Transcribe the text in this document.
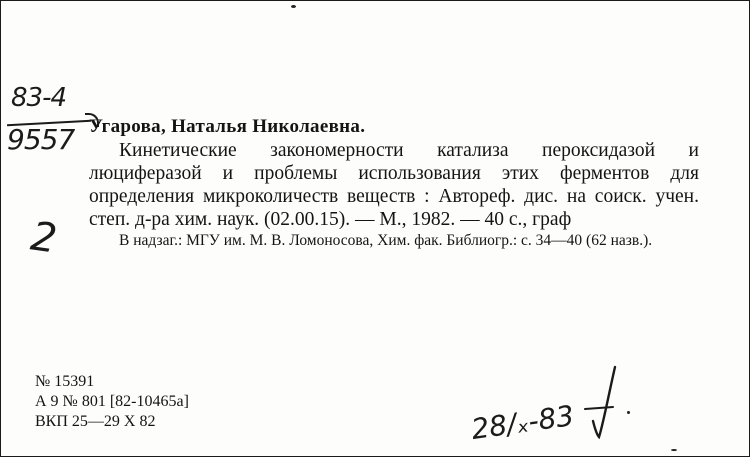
83-4
9557
2
Угарова, Наталья Николаевна.
Кинетические закономерности катализа пероксидазой и люциферазой и проблемы использования этих ферментов для определения микроколичеств веществ : Автореф. дис. на соиск. учен. степ. д-ра хим. наук. (02.00.15). — М., 1982. — 40 с., граф
В надзаг.: МГУ им. М. В. Ломоносова, Хим. фак. Библиогр.: с. 34—40 (62 назв.).
№ 15391
А 9 № 801 [82-10465а]
ВКП 25—29 Х 82	28/ₓ-83
